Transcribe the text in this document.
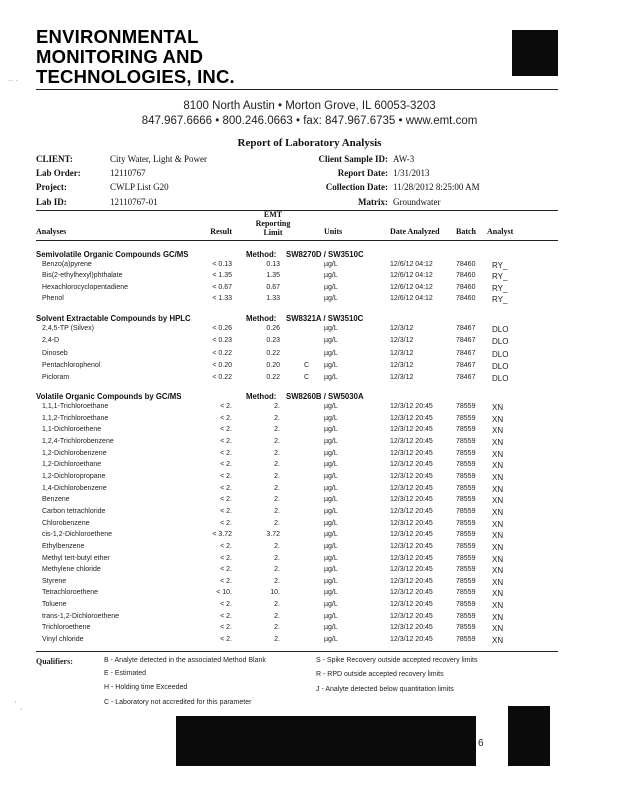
ENVIRONMENTAL
MONITORING AND
TECHNOLOGIES, INC.
·· ·
8100 North Austin • Morton Grove, IL 60053-3203
847.967.6666 • 800.246.0663 • fax: 847.967.6735 • www.emt.com
Report of Laboratory Analysis
CLIENT:	City Water, Light & Power
Lab Order:	12110767
Project:	CWLP List G20
Lab ID:	12110767-01
Client Sample ID: AW-3
Report Date: 1/31/2013
Collection Date: 11/28/2012 8:25:00 AM
Matrix: Groundwater
Analyses	Result
EMT Reporting Limit	Units	Date Analyzed Batch Analyst
Semivolatile Organic Compounds GC/MS	Method: SW8270D / SW3510C
Benzo(a)pyrene	< 0.13	0.13	µg/L	12/6/12 04:12	78460 RY_
Bis(2-ethylhexyl)phthalate	< 1.35	1.35	µg/L	12/6/12 04:12	78460 RY_
Hexachlorocyclopentadiene	< 0.67	0.67	µg/L	12/6/12 04:12	78460 RY_
Phenol	< 1.33	1.33	µg/L	12/6/12 04:12	78460 RY_
Solvent Extractable Compounds by HPLC	Method: SW8321A / SW3510C
2,4,5-TP (Silvex)	< 0.26	0.26	µg/L	12/3/12	78467 DLO
2,4-D	< 0.23	0.23	µg/L	12/3/12	78467 DLO
Dinoseb	< 0.22	0.22	µg/L	12/3/12	78467 DLO
Pentachlorophenol	< 0.20	0.20	C µg/L	12/3/12	78467 DLO
Picloram	< 0.22	0.22	C µg/L	12/3/12	78467 DLO
Volatile Organic Compounds by GC/MS	Method: SW8260B / SW5030A
1,1,1-Trichloroethane	< 2.	2.	µg/L	12/3/12 20:45	78559 XN
1,1,2-Trichloroethane	< 2.	2.	µg/L	12/3/12 20:45	78559 XN
1,1-Dichloroethene	< 2.	2.	µg/L	12/3/12 20:45	78559 XN
1,2,4-Trichlorobenzene	< 2.	2.	µg/L	12/3/12 20:45	78559 XN
1,2-Dichlorobenzene	< 2.	2.	µg/L	12/3/12 20:45	78559 XN
1,2-Dichloroethane	< 2.	2.	µg/L	12/3/12 20:45	78559 XN
1,2-Dichloropropane	< 2.	2.	µg/L	12/3/12 20:45	78559 XN
1,4-Dichlorobenzene	< 2.	2.	µg/L	12/3/12 20:45	78559 XN
Benzene	< 2.	2.	µg/L	12/3/12 20:45	78559 XN
Carbon tetrachloride	< 2.	2.	µg/L	12/3/12 20:45	78559 XN
Chlorobenzene	< 2.	2.	µg/L	12/3/12 20:45	78559 XN
cis-1,2-Dichloroethene	< 3.72	3.72	µg/L	12/3/12 20:45	78559 XN
Ethylbenzene	< 2.	2.	µg/L	12/3/12 20:45	78559 XN
Methyl tert-butyl ether	< 2.	2.	µg/L	12/3/12 20:45	78559 XN
Methylene chloride	< 2.	2.	µg/L	12/3/12 20:45	78559 XN
Styrene	< 2.	2.	µg/L	12/3/12 20:45	78559 XN
Tetrachloroethene	< 10.	10.	µg/L	12/3/12 20:45	78559 XN
Toluene	< 2.	2.	µg/L	12/3/12 20:45	78559 XN
trans-1,2-Dichloroethene	< 2.	2.	µg/L	12/3/12 20:45	78559 XN
Trichloroethene	< 2.	2.	µg/L	12/3/12 20:45	78559 XN
Vinyl chloride	< 2.	2.	µg/L	12/3/12 20:45	78559 XN
Qualifiers:	B - Analyte detected in the associated Method Blank
E - Estimated
H - Holding time Exceeded
C - Laboratory not accredited for this parameter
S - Spike Recovery outside accepted recovery limits
R - RPD outside accepted recovery limits
J - Analyte detected below quantitation limits
ʾ ˏ
6
